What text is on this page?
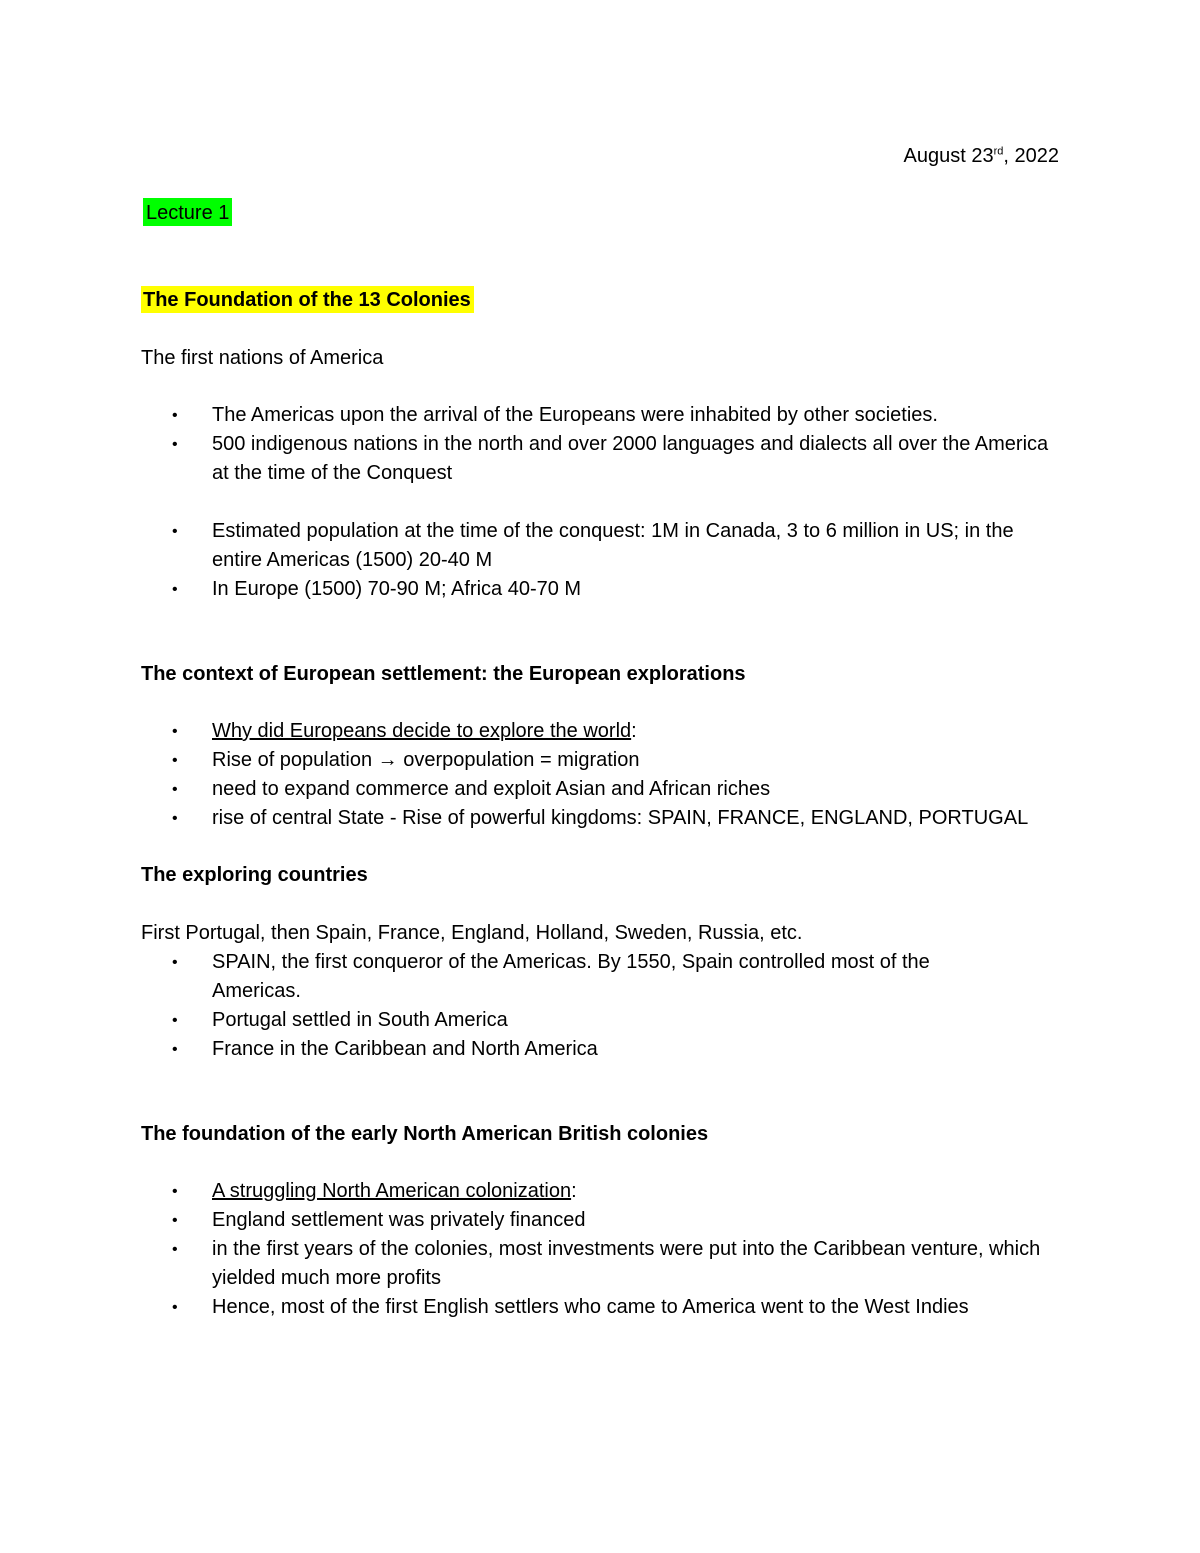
August 23rd, 2022
Lecture 1
The Foundation of the 13 Colonies
The first nations of America
• The Americas upon the arrival of the Europeans were inhabited by other societies.
• 500 indigenous nations in the north and over 2000 languages and dialects all over the America at the time of the Conquest
• Estimated population at the time of the conquest: 1M in Canada, 3 to 6 million in US; in the entire Americas (1500) 20-40 M
• In Europe (1500) 70-90 M; Africa 40-70 M
The context of European settlement: the European explorations
• Why did Europeans decide to explore the world:
• Rise of population → overpopulation = migration
• need to expand commerce and exploit Asian and African riches
• rise of central State - Rise of powerful kingdoms: SPAIN, FRANCE, ENGLAND, PORTUGAL
The exploring countries
First Portugal, then Spain, France, England, Holland, Sweden, Russia, etc.
• SPAIN, the first conqueror of the Americas. By 1550, Spain controlled most of the Americas.
• Portugal settled in South America
• France in the Caribbean and North America
The foundation of the early North American British colonies
• A struggling North American colonization:
• England settlement was privately financed
• in the first years of the colonies, most investments were put into the Caribbean venture, which yielded much more profits
• Hence, most of the first English settlers who came to America went to the West Indies
